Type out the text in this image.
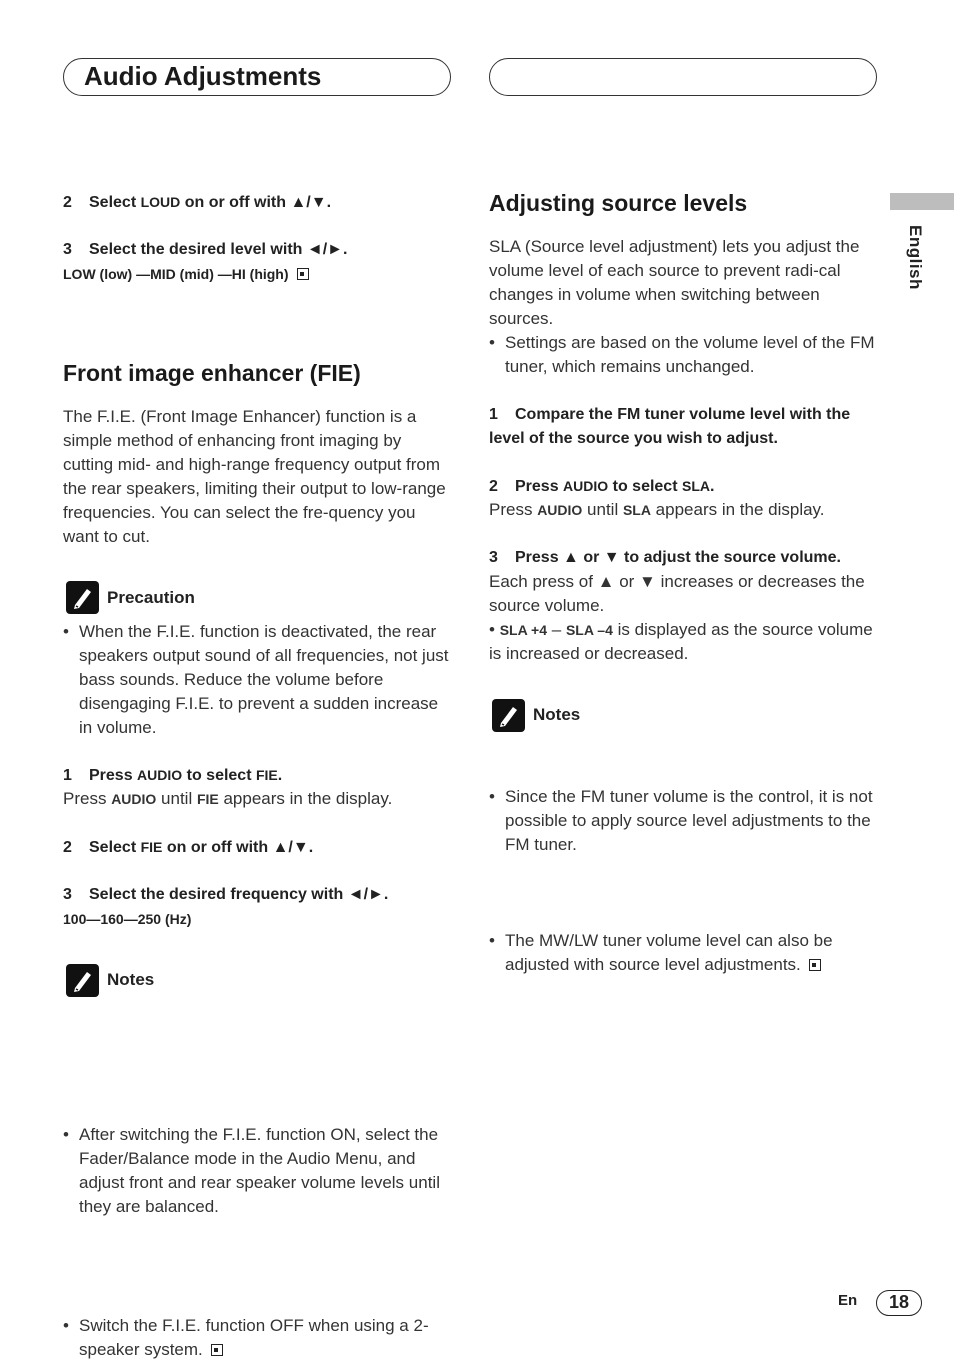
Audio Adjustments
English
2 Select LOUD on or off with ▲/▼.
3 Select the desired level with ◄/►.
LOW (low) —MID (mid) —HI (high)
Front image enhancer (FIE)
The F.I.E. (Front Image Enhancer) function is a simple method of enhancing front imaging by cutting mid- and high-range frequency output from the rear speakers, limiting their output to low-range frequencies. You can select the fre-quency you want to cut.
Precaution
• When the F.I.E. function is deactivated, the rear speakers output sound of all frequencies, not just bass sounds. Reduce the volume before disengaging F.I.E. to prevent a sudden increase in volume.
1 Press AUDIO to select FIE.
Press AUDIO until FIE appears in the display.
2 Select FIE on or off with ▲/▼.
3 Select the desired frequency with ◄/►.
100—160—250 (Hz)
Notes
• After switching the F.I.E. function ON, select the Fader/Balance mode in the Audio Menu, and adjust front and rear speaker volume levels until they are balanced.
• Switch the F.I.E. function OFF when using a 2-speaker system.
Adjusting source levels
SLA (Source level adjustment) lets you adjust the volume level of each source to prevent radi-cal changes in volume when switching between sources.
• Settings are based on the volume level of the FM tuner, which remains unchanged.
1 Compare the FM tuner volume level with the level of the source you wish to adjust.
2 Press AUDIO to select SLA.
Press AUDIO until SLA appears in the display.
3 Press ▲ or ▼ to adjust the source volume.
Each press of ▲ or ▼ increases or decreases the source volume.
• SLA +4 – SLA –4 is displayed as the source volume is increased or decreased.
Notes
• Since the FM tuner volume is the control, it is not possible to apply source level adjustments to the FM tuner.
• The MW/LW tuner volume level can also be adjusted with source level adjustments.
En	18
